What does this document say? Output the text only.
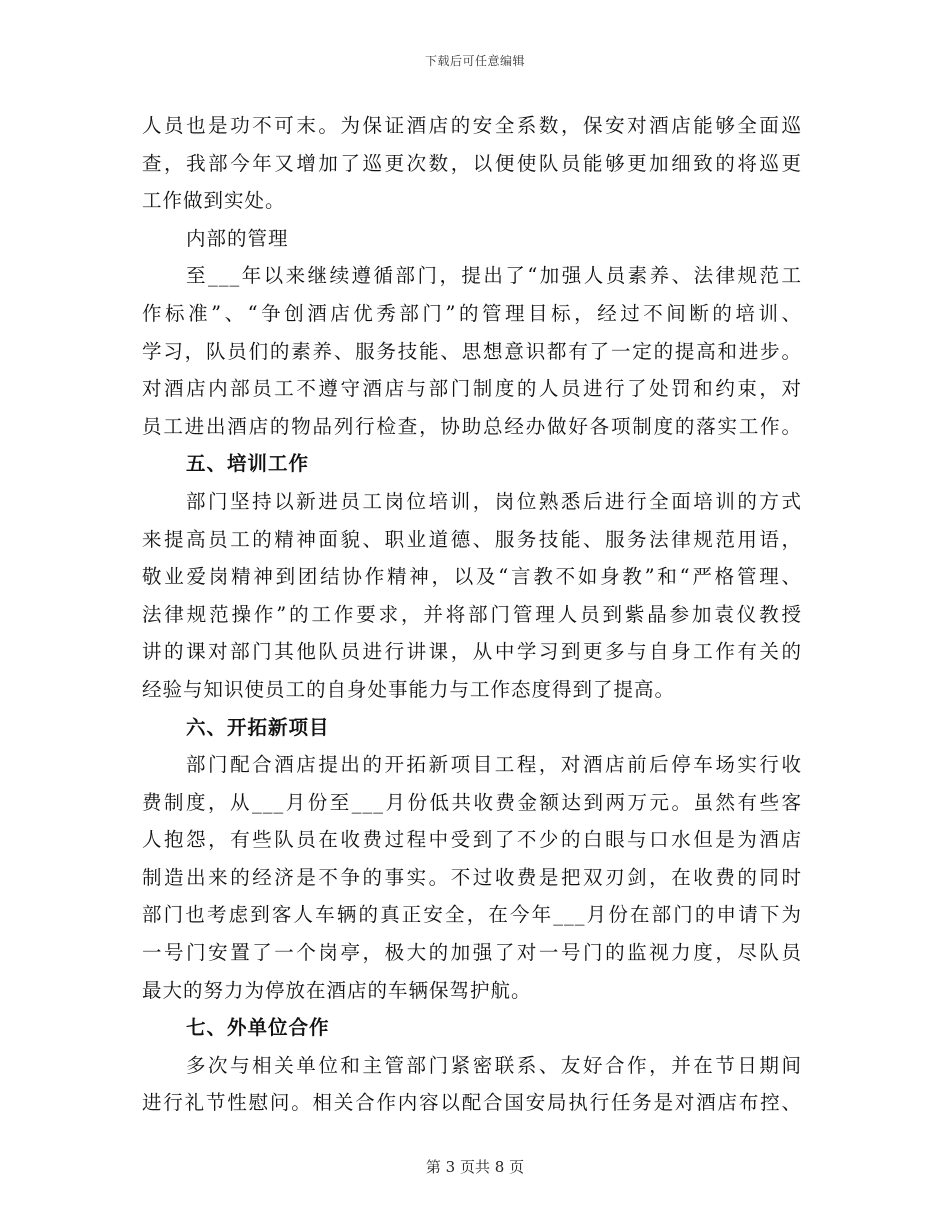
下载后可任意编辑
人员也是功不可末。为保证酒店的安全系数，保安对酒店能够全面巡
查，我部今年又增加了巡更次数，以便使队员能够更加细致的将巡更
工作做到实处。
内部的管理
至___年以来继续遵循部门，提出了“加强人员素养、法律规范工
作标准”、“争创酒店优秀部门”的管理目标，经过不间断的培训、
学习，队员们的素养、服务技能、思想意识都有了一定的提高和进步。
对酒店内部员工不遵守酒店与部门制度的人员进行了处罚和约束，对
员工进出酒店的物品列行检查，协助总经办做好各项制度的落实工作。
五、培训工作
部门坚持以新进员工岗位培训，岗位熟悉后进行全面培训的方式
来提高员工的精神面貌、职业道德、服务技能、服务法律规范用语，
敬业爱岗精神到团结协作精神，以及“言教不如身教”和“严格管理、
法律规范操作”的工作要求，并将部门管理人员到紫晶参加袁仪教授
讲的课对部门其他队员进行讲课，从中学习到更多与自身工作有关的
经验与知识使员工的自身处事能力与工作态度得到了提高。
六、开拓新项目
部门配合酒店提出的开拓新项目工程，对酒店前后停车场实行收
费制度，从___月份至___月份低共收费金额达到两万元。虽然有些客
人抱怨，有些队员在收费过程中受到了不少的白眼与口水但是为酒店
制造出来的经济是不争的事实。不过收费是把双刃剑，在收费的同时
部门也考虑到客人车辆的真正安全，在今年___月份在部门的申请下为
一号门安置了一个岗亭，极大的加强了对一号门的监视力度，尽队员
最大的努力为停放在酒店的车辆保驾护航。
七、外单位合作
多次与相关单位和主管部门紧密联系、友好合作，并在节日期间
进行礼节性慰问。相关合作内容以配合国安局执行任务是对酒店布控、
第 3 页共 8 页
